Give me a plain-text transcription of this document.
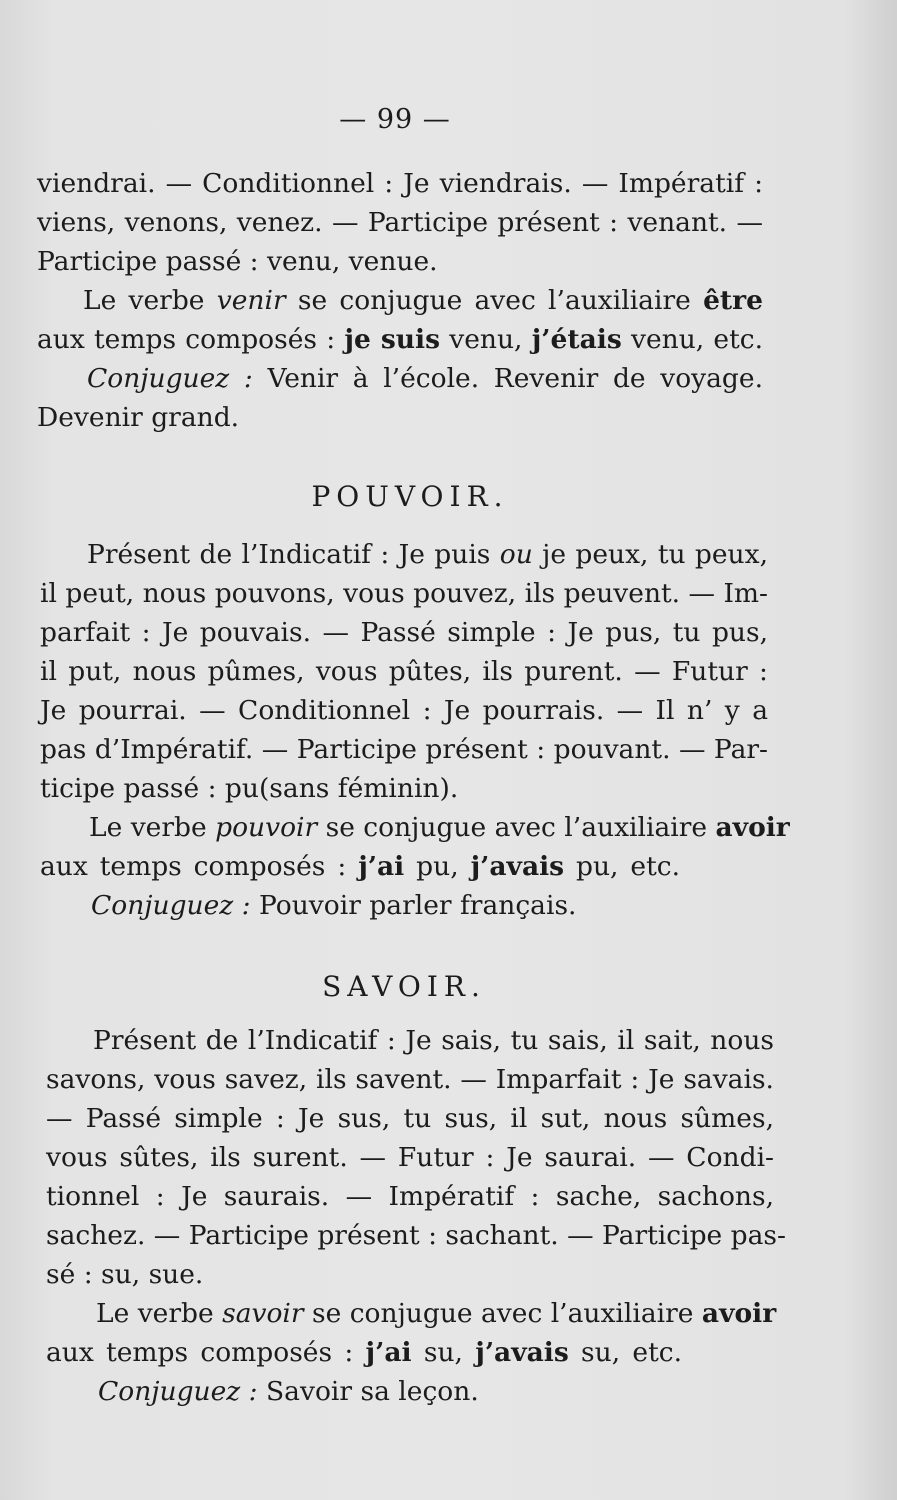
— 99 —
viendrai. — Conditionnel : Je viendrais. — Impératif :
viens, venons, venez. — Participe présent : venant. —
Participe passé : venu, venue.
Le verbe venir se conjugue avec l’auxiliaire être
aux temps composés : je suis venu, j’étais venu, etc.
Conjuguez : Venir à l’école. Revenir de voyage.
Devenir grand.
POUVOIR.
Présent de l’Indicatif : Je puis ou je peux, tu peux,
il peut, nous pouvons, vous pouvez, ils peuvent. — Im-
parfait : Je pouvais. — Passé simple : Je pus, tu pus,
il put, nous pûmes, vous pûtes, ils purent. — Futur :
Je pourrai. — Conditionnel : Je pourrais. — Il n’ y a
pas d’Impératif. — Participe présent : pouvant. — Par-
ticipe passé : pu(sans féminin).
Le verbe pouvoir se conjugue avec l’auxiliaire avoir
aux temps composés : j’ai pu, j’avais pu, etc.
Conjuguez : Pouvoir parler français.
SAVOIR.
Présent de l’Indicatif : Je sais, tu sais, il sait, nous
savons, vous savez, ils savent. — Imparfait : Je savais.
— Passé simple : Je sus, tu sus, il sut, nous sûmes,
vous sûtes, ils surent. — Futur : Je saurai. — Condi-
tionnel : Je saurais. — Impératif : sache, sachons,
sachez. — Participe présent : sachant. — Participe pas-
sé : su, sue.
Le verbe savoir se conjugue avec l’auxiliaire avoir
aux temps composés : j’ai su, j’avais su, etc.
Conjuguez : Savoir sa leçon.
